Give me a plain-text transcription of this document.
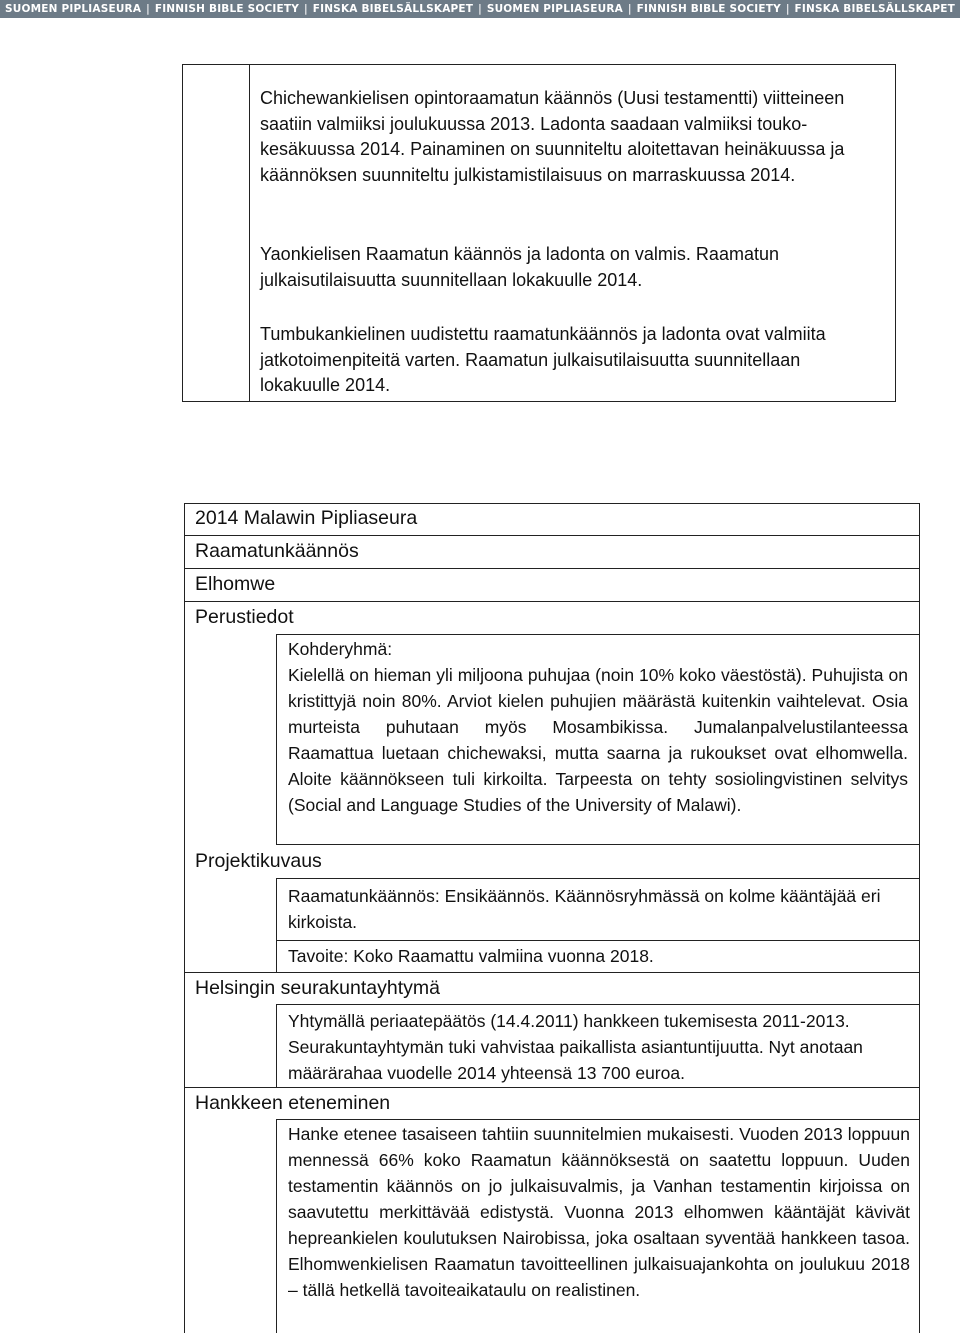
SUOMEN PIPLIASEURA | FINNISH BIBLE SOCIETY | FINSKA BIBELSÄLLSKAPET | SUOMEN PIPLIASEURA | FINNISH BIBLE SOCIETY | FINSKA BIBELSÄLLSKAPET
Chichewankielisen opintoraamatun käännös (Uusi testamentti) viitteineen saatiin valmiiksi joulukuussa 2013. Ladonta saadaan valmiiksi touko-kesäkuussa 2014. Painaminen on suunniteltu aloitettavan heinäkuussa ja käännöksen suunniteltu julkistamistilaisuus on marraskuussa 2014.
Yaonkielisen Raamatun käännös ja ladonta on valmis. Raamatun julkaisutilaisuutta suunnitellaan lokakuulle 2014.
Tumbukankielinen uudistettu raamatunkäännös ja ladonta ovat valmiita jatkotoimenpiteitä varten. Raamatun julkaisutilaisuutta suunnitellaan lokakuulle 2014.
2014 Malawin Pipliaseura
Raamatunkäännös
Elhomwe
Perustiedot
Kohderyhmä:
Kielellä on hieman yli miljoona puhujaa (noin 10% koko väestöstä). Puhujista on kristittyjä noin 80%. Arviot kielen puhujien määrästä kuitenkin vaihtelevat. Osia murteista puhutaan myös Mosambikissa. Jumalanpalvelustilanteessa Raamattua luetaan chichewaksi, mutta saarna ja rukoukset ovat elhomwella. Aloite käännökseen tuli kirkoilta. Tarpeesta on tehty sosiolingvistinen selvitys (Social and Language Studies of the University of Malawi).
Projektikuvaus
Raamatunkäännös: Ensikäännös. Käännösryhmässä on kolme kääntäjää eri kirkoista.
Tavoite: Koko Raamattu valmiina vuonna 2018.
Helsingin seurakuntayhtymä
Yhtymällä periaatepäätös (14.4.2011) hankkeen tukemisesta 2011-2013. Seurakuntayhtymän tuki vahvistaa paikallista asiantuntijuutta. Nyt anotaan määrärahaa vuodelle 2014 yhteensä 13 700 euroa.
Hankkeen eteneminen
Hanke etenee tasaiseen tahtiin suunnitelmien mukaisesti. Vuoden 2013 loppuun mennessä 66% koko Raamatun käännöksestä on saatettu loppuun. Uuden testamentin käännös on jo julkaisuvalmis, ja Vanhan testamentin kirjoissa on saavutettu merkittävää edistystä. Vuonna 2013 elhomwen kääntäjät kävivät hepreankielen koulutuksen Nairobissa, joka osaltaan syventää hankkeen tasoa. Elhomwenkielisen Raamatun tavoitteellinen julkaisuajankohta on joulukuu 2018 – tällä hetkellä tavoiteaikataulu on realistinen.
